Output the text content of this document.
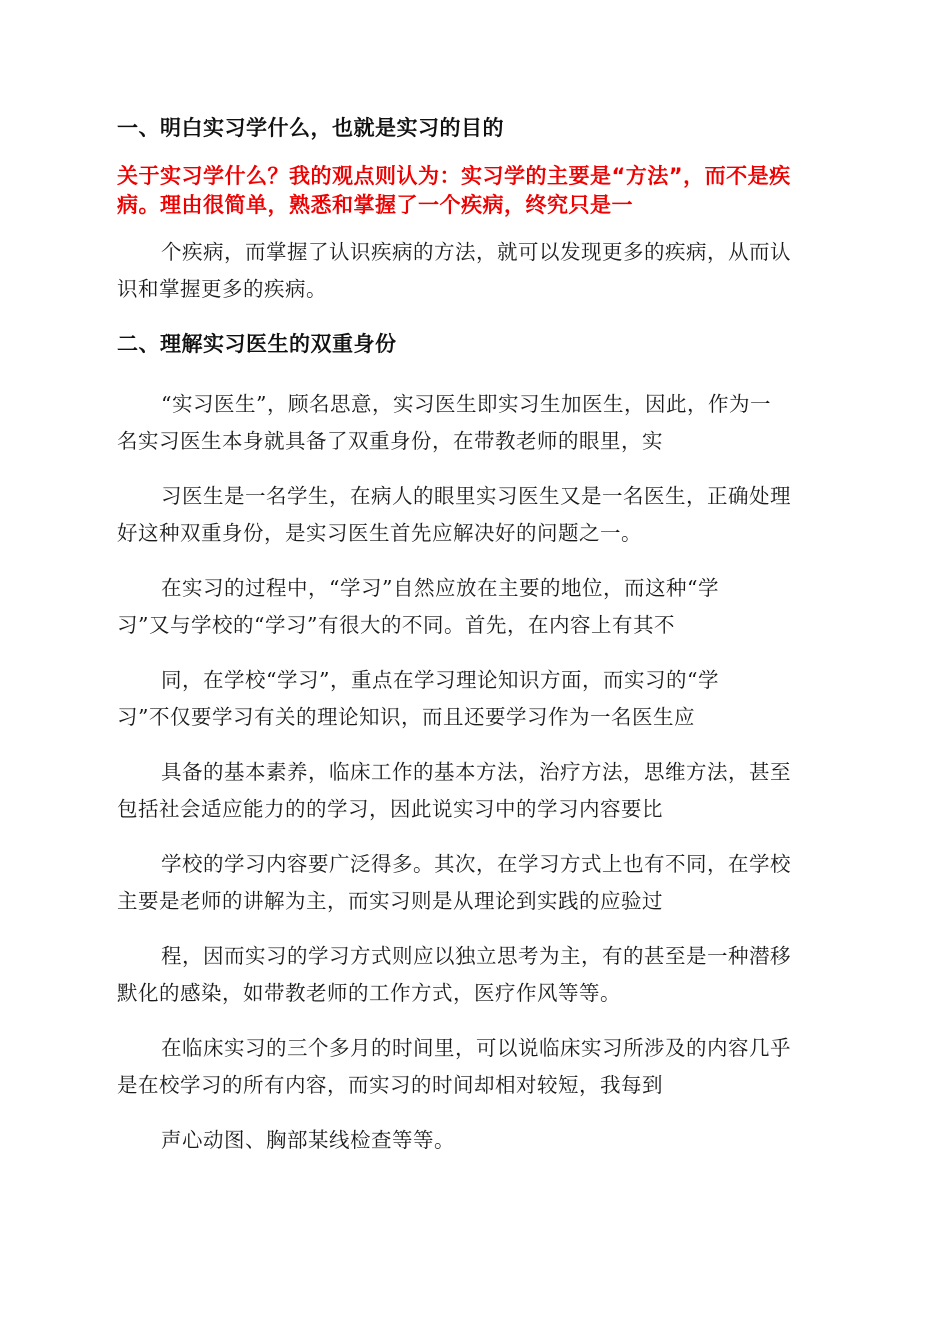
一、明白实习学什么，也就是实习的目的

关于实习学什么？我的观点则认为：实习学的主要是“方法”，而不是疾
病。理由很简单，熟悉和掌握了一个疾病，终究只是一

个疾病，而掌握了认识疾病的方法，就可以发现更多的疾病，从而认
识和掌握更多的疾病。

二、理解实习医生的双重身份

“实习医生”，顾名思意，实习医生即实习生加医生，因此，作为一
名实习医生本身就具备了双重身份，在带教老师的眼里，实

习医生是一名学生，在病人的眼里实习医生又是一名医生，正确处理
好这种双重身份，是实习医生首先应解决好的问题之一。

在实习的过程中，“学习”自然应放在主要的地位，而这种“学
习”又与学校的“学习”有很大的不同。首先，在内容上有其不

同，在学校“学习”，重点在学习理论知识方面，而实习的“学
习”不仅要学习有关的理论知识，而且还要学习作为一名医生应

具备的基本素养，临床工作的基本方法，治疗方法，思维方法，甚至
包括社会适应能力的的学习，因此说实习中的学习内容要比

学校的学习内容要广泛得多。其次，在学习方式上也有不同，在学校
主要是老师的讲解为主，而实习则是从理论到实践的应验过

程，因而实习的学习方式则应以独立思考为主，有的甚至是一种潜移
默化的感染，如带教老师的工作方式，医疗作风等等。

在临床实习的三个多月的时间里，可以说临床实习所涉及的内容几乎
是在校学习的所有内容，而实习的时间却相对较短，我每到

声心动图、胸部某线检查等等。
